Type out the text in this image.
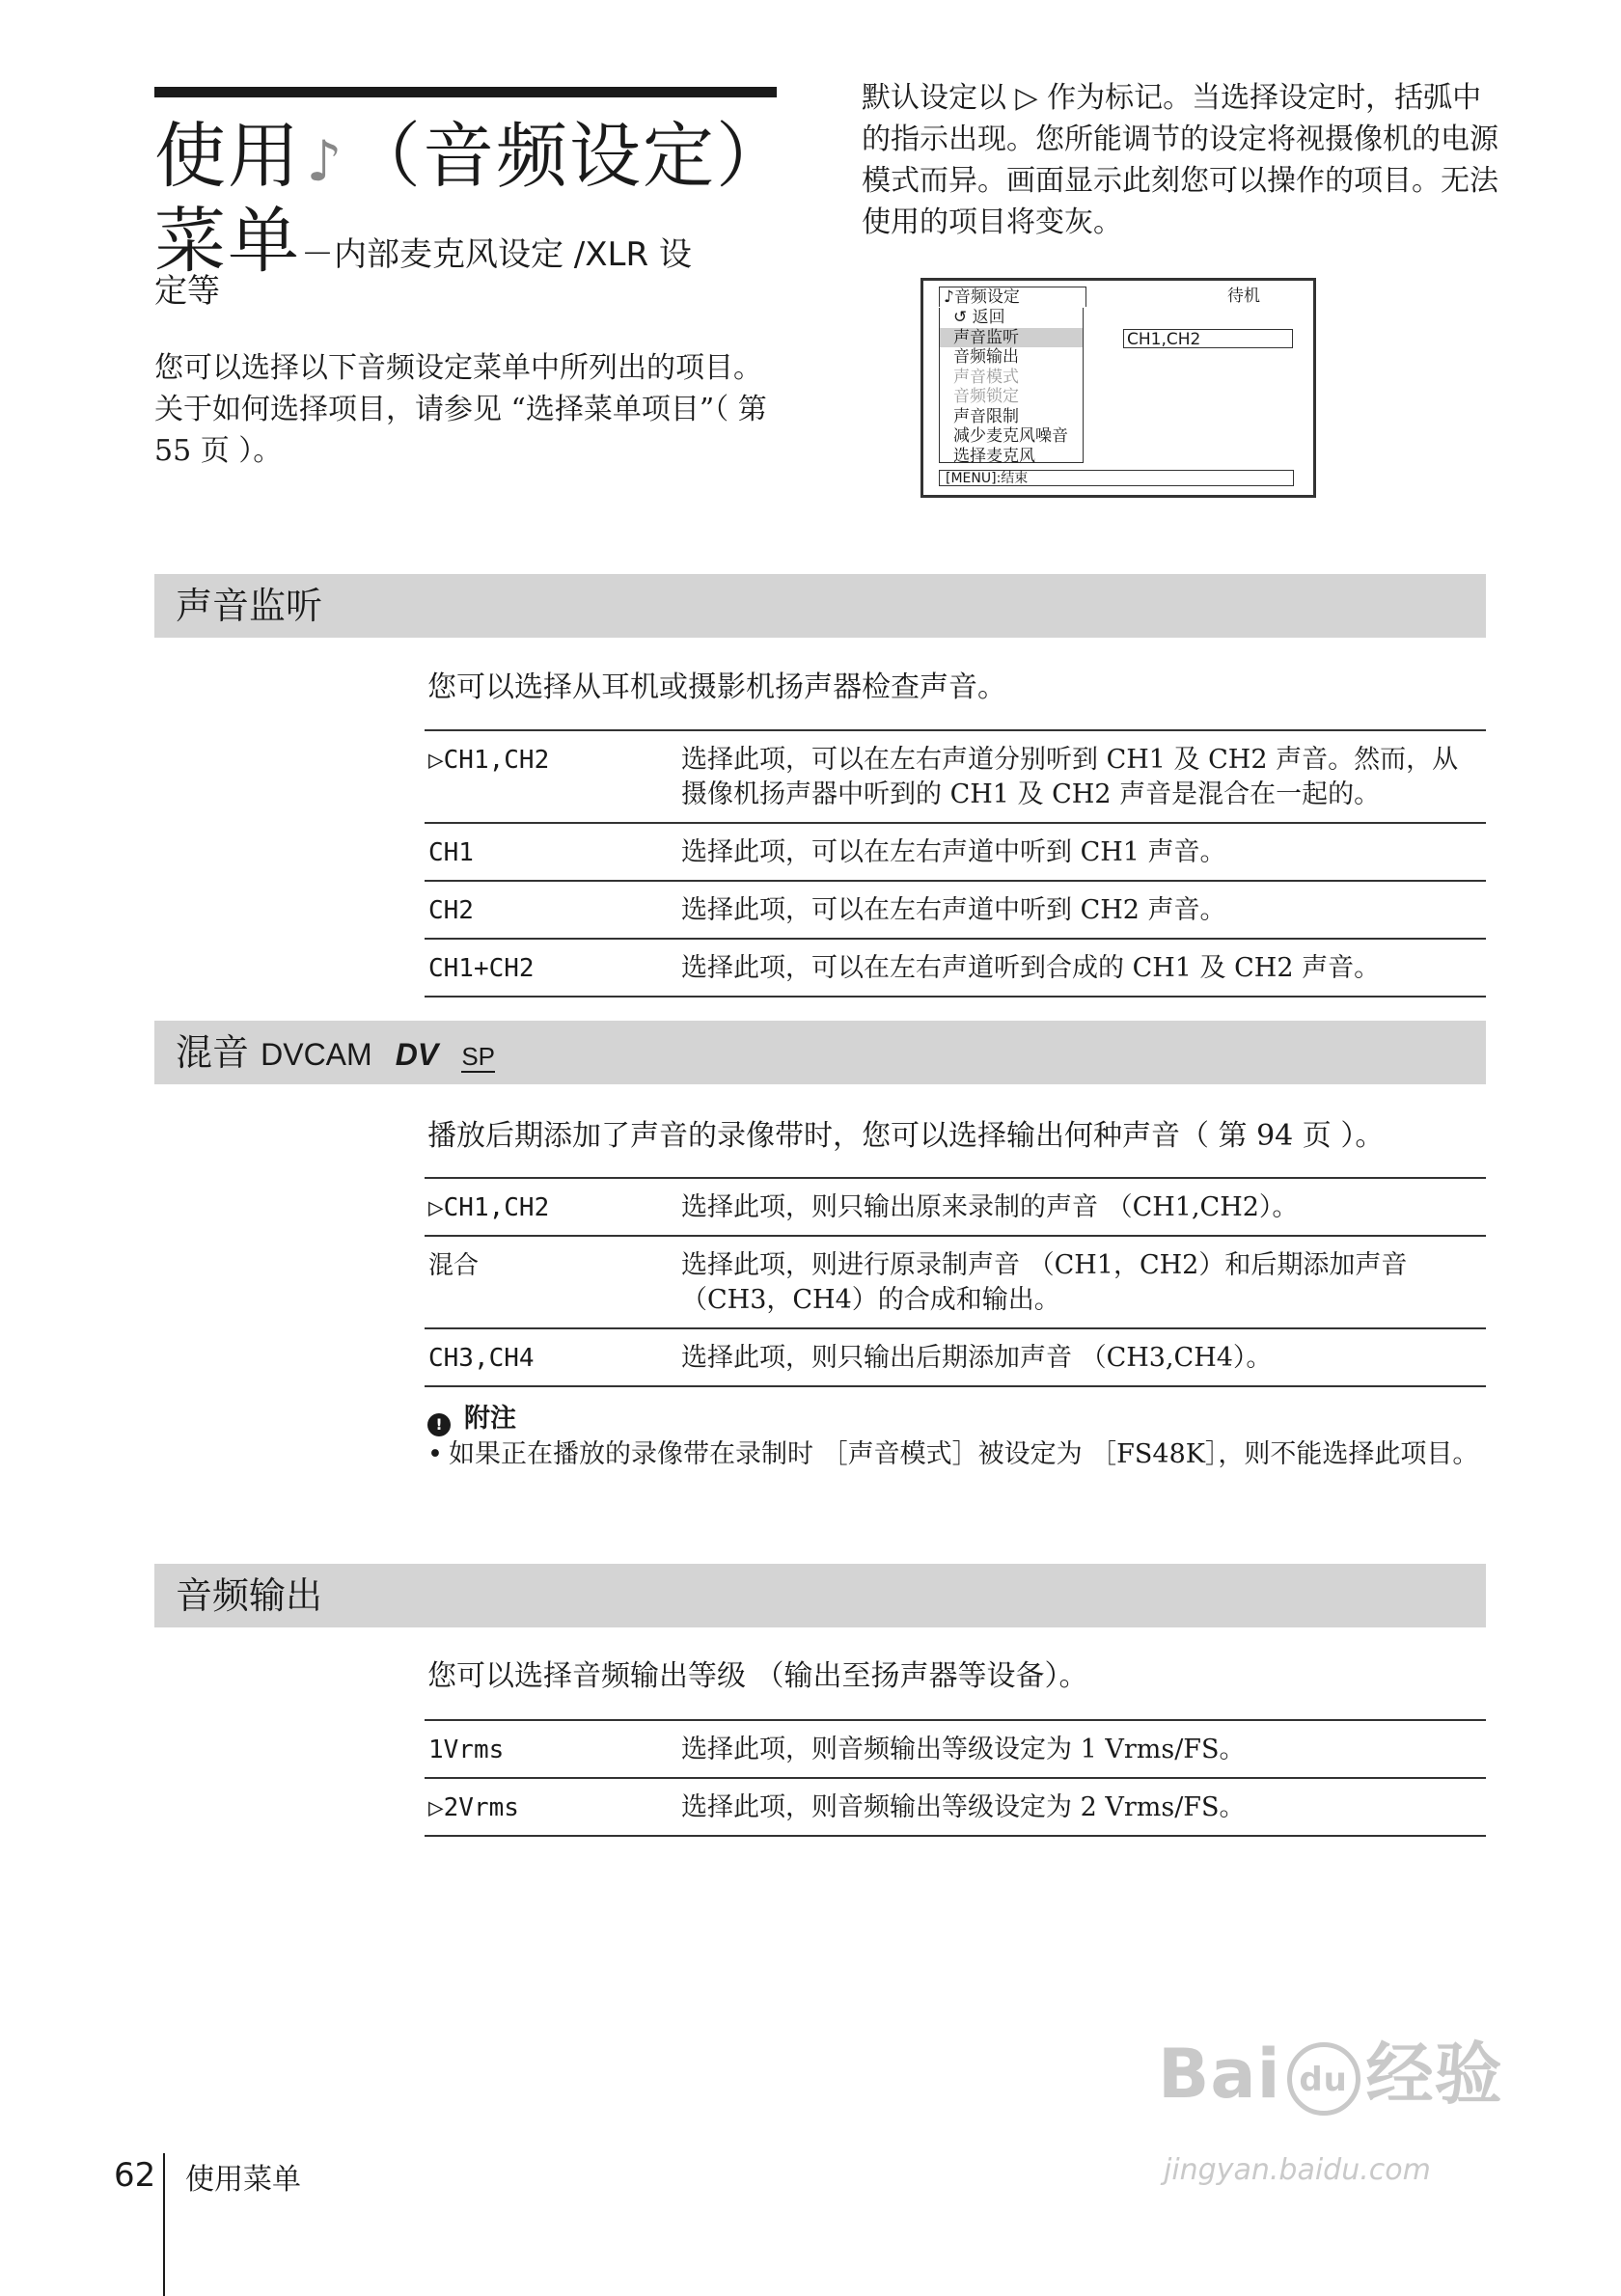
使用♪（音频设定）
菜单－内部麦克风设定 /XLR 设
定等
您可以选择以下音频设定菜单中所列出的项目。关于如何选择项目，请参见 “选择菜单项目”（ 第 55 页 ）。
默认设定以 ▷ 作为标记。当选择设定时，括弧中的指示出现。您所能调节的设定将视摄像机的电源模式而异。画面显示此刻您可以操作的项目。无法使用的项目将变灰。
♪音频设定	待机
↺ 返回
声音监听
音频输出
声音模式
音频锁定
声音限制
减少麦克风噪音
选择麦克风
CH1,CH2
[MENU]:结束
声音监听
您可以选择从耳机或摄影机扬声器检查声音。
▷CH1,CH2	选择此项，可以在左右声道分别听到 CH1 及 CH2 声音。然而，从摄像机扬声器中听到的 CH1 及 CH2 声音是混合在一起的。
CH1	选择此项，可以在左右声道中听到 CH1 声音。
CH2	选择此项，可以在左右声道中听到 CH2 声音。
CH1+CH2	选择此项，可以在左右声道听到合成的 CH1 及 CH2 声音。
混音 DVCAM DV SP
播放后期添加了声音的录像带时，您可以选择输出何种声音（ 第 94 页 ）。
▷CH1,CH2	选择此项，则只输出原来录制的声音 （CH1,CH2）。
混合	选择此项，则进行原录制声音 （CH1，CH2）和后期添加声音（CH3，CH4）的合成和输出。
CH3,CH4	选择此项，则只输出后期添加声音 （CH3,CH4）。
! 附注
• 如果正在播放的录像带在录制时 ［声音模式］被设定为 ［FS48K］，则不能选择此项目。
音频输出
您可以选择音频输出等级 （输出至扬声器等设备）。
1Vrms	选择此项，则音频输出等级设定为 1 Vrms/FS。
▷2Vrms	选择此项，则音频输出等级设定为 2 Vrms/FS。
Bai du 经验
jingyan.baidu.com
62 使用菜单
